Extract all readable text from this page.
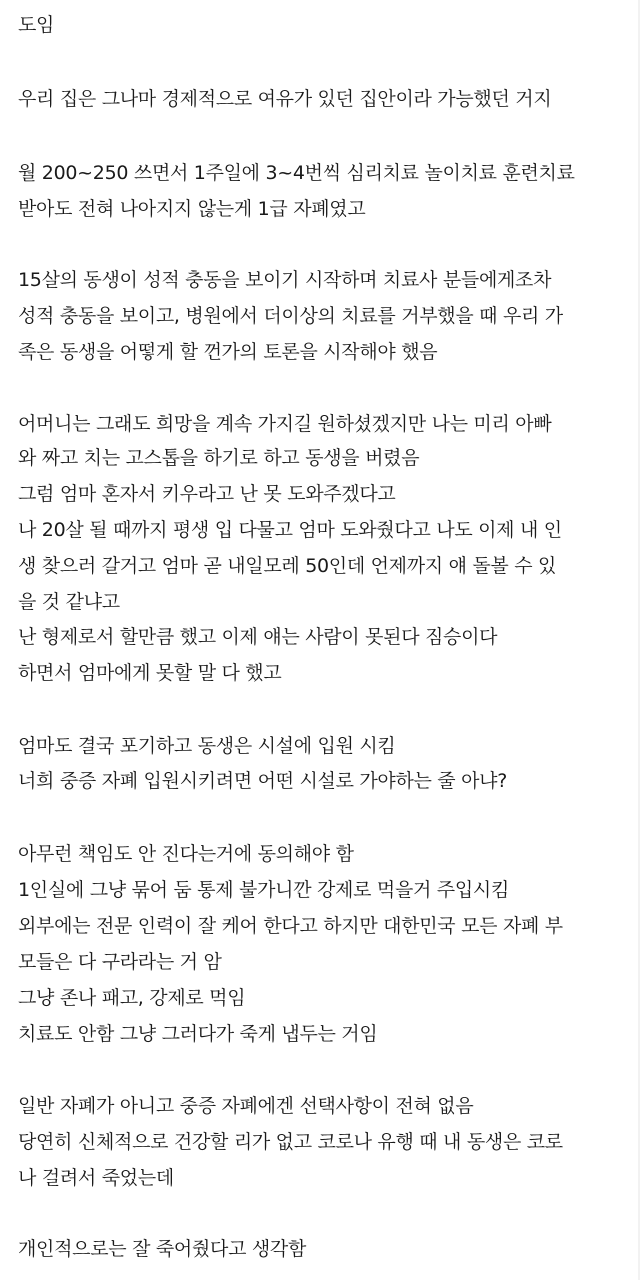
도임
우리 집은 그나마 경제적으로 여유가 있던 집안이라 가능했던 거지
월 200~250 쓰면서 1주일에 3~4번씩 심리치료 놀이치료 훈련치료
받아도 전혀 나아지지 않는게 1급 자폐였고
15살의 동생이 성적 충동을 보이기 시작하며 치료사 분들에게조차
성적 충동을 보이고, 병원에서 더이상의 치료를 거부했을 때 우리 가
족은 동생을 어떻게 할 껀가의 토론을 시작해야 했음
어머니는 그래도 희망을 계속 가지길 원하셨겠지만 나는 미리 아빠
와 짜고 치는 고스톱을 하기로 하고 동생을 버렸음
그럼 엄마 혼자서 키우라고 난 못 도와주겠다고
나 20살 될 때까지 평생 입 다물고 엄마 도와줬다고 나도 이제 내 인
생 찾으러 갈거고 엄마 곧 내일모레 50인데 언제까지 얘 돌볼 수 있
을 것 같냐고
난 형제로서 할만큼 했고 이제 얘는 사람이 못된다 짐승이다
하면서 엄마에게 못할 말 다 했고
엄마도 결국 포기하고 동생은 시설에 입원 시킴
너희 중증 자폐 입원시키려면 어떤 시설로 가야하는 줄 아냐?
아무런 책임도 안 진다는거에 동의해야 함
1인실에 그냥 묶어 둠 통제 불가니깐 강제로 먹을거 주입시킴
외부에는 전문 인력이 잘 케어 한다고 하지만 대한민국 모든 자폐 부
모들은 다 구라라는 거 암
그냥 존나 패고, 강제로 먹임
치료도 안함 그냥 그러다가 죽게 냅두는 거임
일반 자폐가 아니고 중증 자폐에겐 선택사항이 전혀 없음
당연히 신체적으로 건강할 리가 없고 코로나 유행 때 내 동생은 코로
나 걸려서 죽었는데
개인적으로는 잘 죽어줬다고 생각함
